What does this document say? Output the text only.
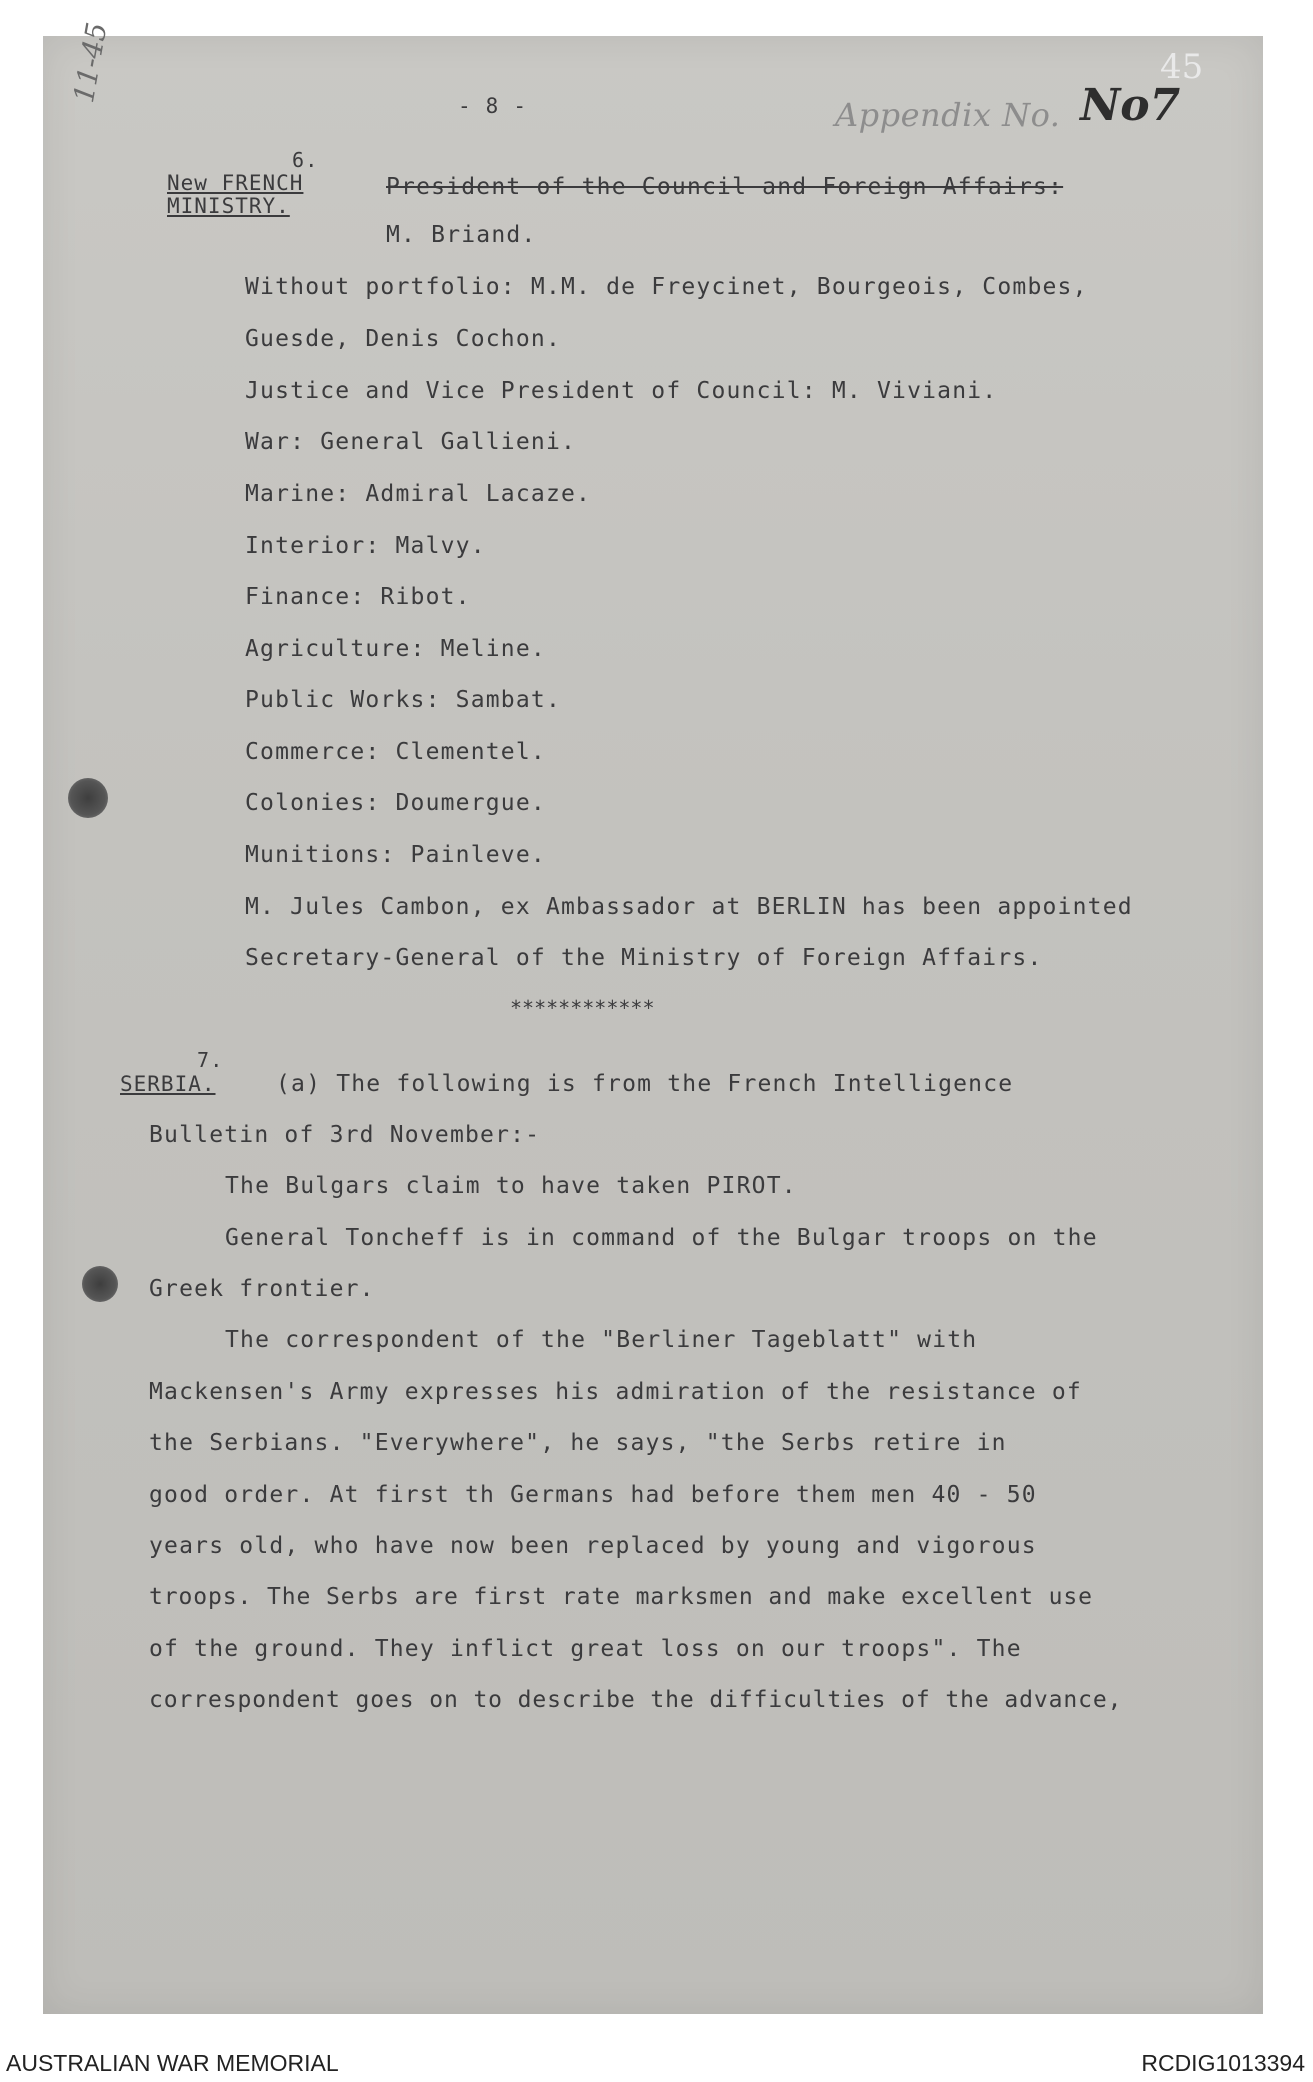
11-45	45
- 8 -	Appendix No. No7
6.
New FRENCH
MINISTRY.
President of the Council and Foreign Affairs:
M. Briand.
Without portfolio: M.M. de Freycinet, Bourgeois, Combes,
Guesde, Denis Cochon.
Justice and Vice President of Council: M. Viviani.
War: General Gallieni.
Marine: Admiral Lacaze.
Interior: Malvy.
Finance: Ribot.
Agriculture: Meline.
Public Works: Sambat.
Commerce: Clementel.
Colonies: Doumergue.
Munitions: Painleve.
M. Jules Cambon, ex Ambassador at BERLIN has been appointed
Secretary-General of the Ministry of Foreign Affairs.
************
7.
SERBIA.	(a) The following is from the French Intelligence
Bulletin of 3rd November:-
The Bulgars claim to have taken PIROT.
General Toncheff is in command of the Bulgar troops on the
Greek frontier.
The correspondent of the "Berliner Tageblatt" with
Mackensen's Army expresses his admiration of the resistance of
the Serbians. "Everywhere", he says, "the Serbs retire in
good order. At first th Germans had before them men 40 - 50
years old, who have now been replaced by young and vigorous
troops. The Serbs are first rate marksmen and make excellent use
of the ground. They inflict great loss on our troops". The
correspondent goes on to describe the difficulties of the advance,
AUSTRALIAN WAR MEMORIAL	RCDIG1013394
